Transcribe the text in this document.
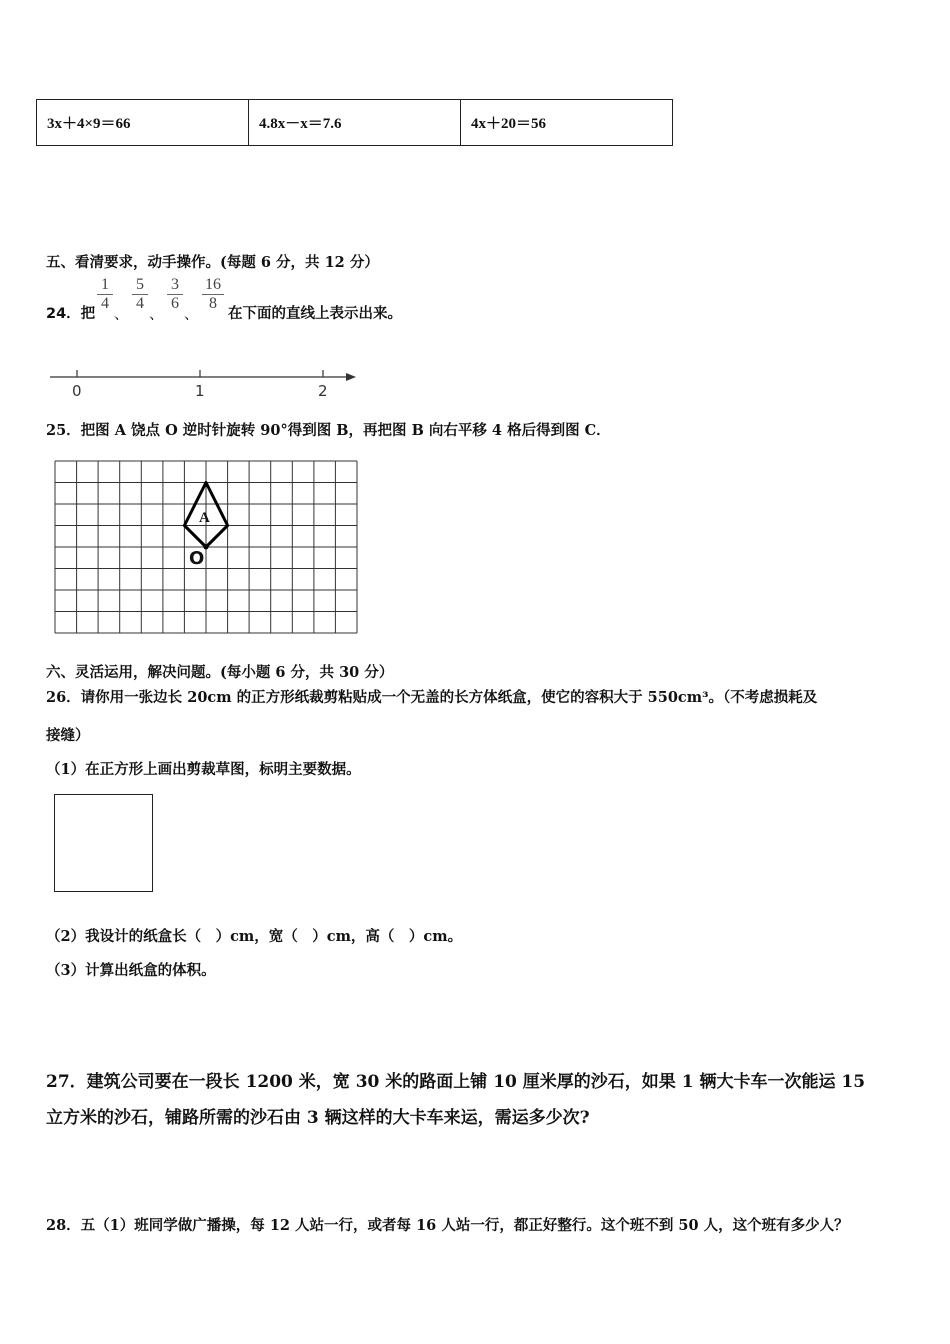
3x＋4×9＝66	4.8x－x＝7.6	4x＋20＝56
五、看清要求，动手操作。(每题 6 分，共 12 分）
24．把
$\frac{1}{4}$
、
$\frac{5}{4}$
、
$\frac{3}{6}$
、
$\frac{16}{8}$
在下面的直线上表示出来。
0	1	2
25．把图 A 饶点 O 逆时针旋转 90°得到图 B，再把图 B 向右平移 4 格后得到图 C．
A
O
六、灵活运用，解决问题。(每小题 6 分，共 30 分）
26．请你用一张边长 20cm 的正方形纸裁剪粘贴成一个无盖的长方体纸盒，使它的容积大于 550cm³。（不考虑损耗及
接缝）
（1）在正方形上画出剪裁草图，标明主要数据。
（2）我设计的纸盒长（　）cm，宽（　）cm，高（　）cm。
（3）计算出纸盒的体积。
27．建筑公司要在一段长 1200 米，宽 30 米的路面上铺 10 厘米厚的沙石，如果 1 辆大卡车一次能运 15
立方米的沙石，铺路所需的沙石由 3 辆这样的大卡车来运，需运多少次?
28．五（1）班同学做广播操，每 12 人站一行，或者每 16 人站一行，都正好整行。这个班不到 50 人，这个班有多少人？
